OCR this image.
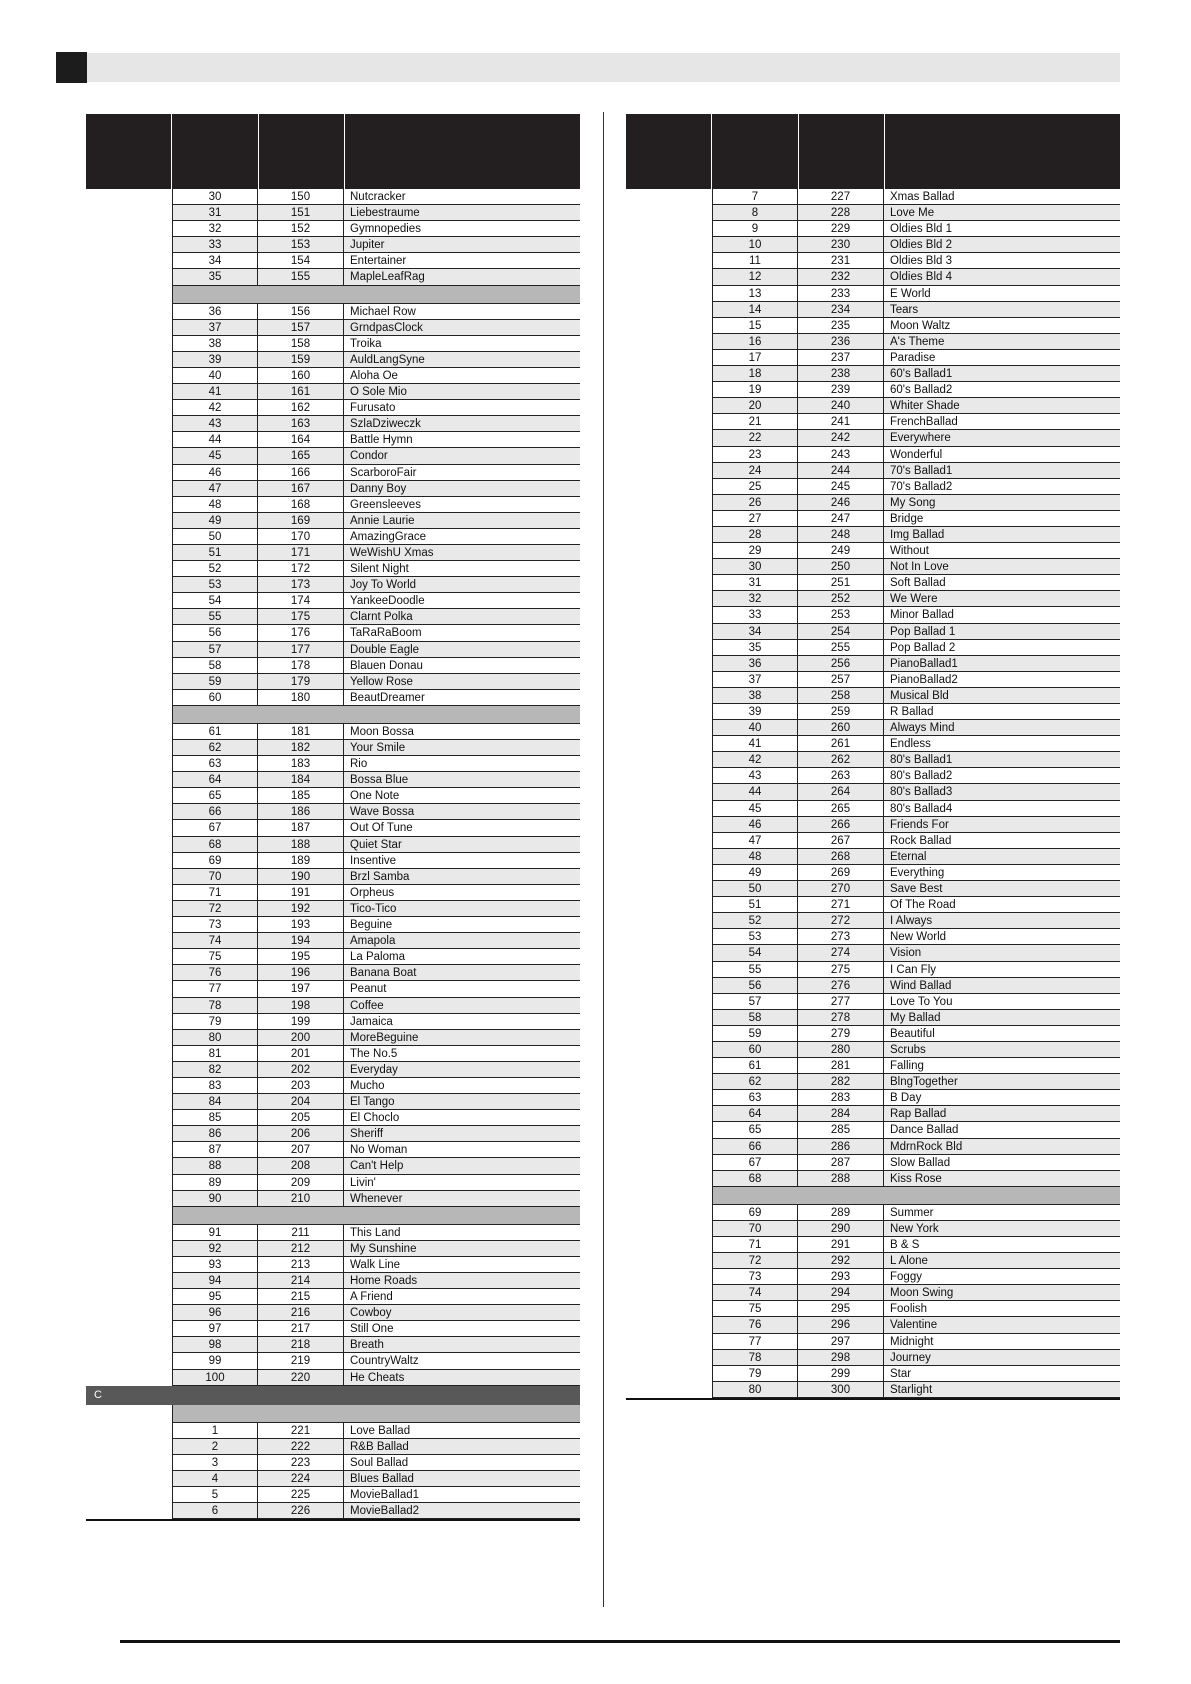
30	150	Nutcracker
31	151	Liebestraume
32	152	Gymnopedies
33	153	Jupiter
34	154	Entertainer
35	155	MapleLeafRag
36	156	Michael Row
37	157	GrndpasClock
38	158	Troika
39	159	AuldLangSyne
40	160	Aloha Oe
41	161	O Sole Mio
42	162	Furusato
43	163	SzlaDziweczk
44	164	Battle Hymn
45	165	Condor
46	166	ScarboroFair
47	167	Danny Boy
48	168	Greensleeves
49	169	Annie Laurie
50	170	AmazingGrace
51	171	WeWishU Xmas
52	172	Silent Night
53	173	Joy To World
54	174	YankeeDoodle
55	175	Clarnt Polka
56	176	TaRaRaBoom
57	177	Double Eagle
58	178	Blauen Donau
59	179	Yellow Rose
60	180	BeautDreamer
61	181	Moon Bossa
62	182	Your Smile
63	183	Rio
64	184	Bossa Blue
65	185	One Note
66	186	Wave Bossa
67	187	Out Of Tune
68	188	Quiet Star
69	189	Insentive
70	190	Brzl Samba
71	191	Orpheus
72	192	Tico-Tico
73	193	Beguine
74	194	Amapola
75	195	La Paloma
76	196	Banana Boat
77	197	Peanut
78	198	Coffee
79	199	Jamaica
80	200	MoreBeguine
81	201	The No.5
82	202	Everyday
83	203	Mucho
84	204	El Tango
85	205	El Choclo
86	206	Sheriff
87	207	No Woman
88	208	Can't Help
89	209	Livin'
90	210	Whenever
91	211	This Land
92	212	My Sunshine
93	213	Walk Line
94	214	Home Roads
95	215	A Friend
96	216	Cowboy
97	217	Still One
98	218	Breath
99	219	CountryWaltz
100	220	He Cheats
C
1	221	Love Ballad
2	222	R&B Ballad
3	223	Soul Ballad
4	224	Blues Ballad
5	225	MovieBallad1
6	226	MovieBallad2
7	227	Xmas Ballad
8	228	Love Me
9	229	Oldies Bld 1
10	230	Oldies Bld 2
11	231	Oldies Bld 3
12	232	Oldies Bld 4
13	233	E World
14	234	Tears
15	235	Moon Waltz
16	236	A's Theme
17	237	Paradise
18	238	60's Ballad1
19	239	60's Ballad2
20	240	Whiter Shade
21	241	FrenchBallad
22	242	Everywhere
23	243	Wonderful
24	244	70's Ballad1
25	245	70's Ballad2
26	246	My Song
27	247	Bridge
28	248	Img Ballad
29	249	Without
30	250	Not In Love
31	251	Soft Ballad
32	252	We Were
33	253	Minor Ballad
34	254	Pop Ballad 1
35	255	Pop Ballad 2
36	256	PianoBallad1
37	257	PianoBallad2
38	258	Musical Bld
39	259	R Ballad
40	260	Always Mind
41	261	Endless
42	262	80's Ballad1
43	263	80's Ballad2
44	264	80's Ballad3
45	265	80's Ballad4
46	266	Friends For
47	267	Rock Ballad
48	268	Eternal
49	269	Everything
50	270	Save Best
51	271	Of The Road
52	272	I Always
53	273	New World
54	274	Vision
55	275	I Can Fly
56	276	Wind Ballad
57	277	Love To You
58	278	My Ballad
59	279	Beautiful
60	280	Scrubs
61	281	Falling
62	282	BlngTogether
63	283	B Day
64	284	Rap Ballad
65	285	Dance Ballad
66	286	MdrnRock Bld
67	287	Slow Ballad
68	288	Kiss Rose
69	289	Summer
70	290	New York
71	291	B & S
72	292	L Alone
73	293	Foggy
74	294	Moon Swing
75	295	Foolish
76	296	Valentine
77	297	Midnight
78	298	Journey
79	299	Star
80	300	Starlight
